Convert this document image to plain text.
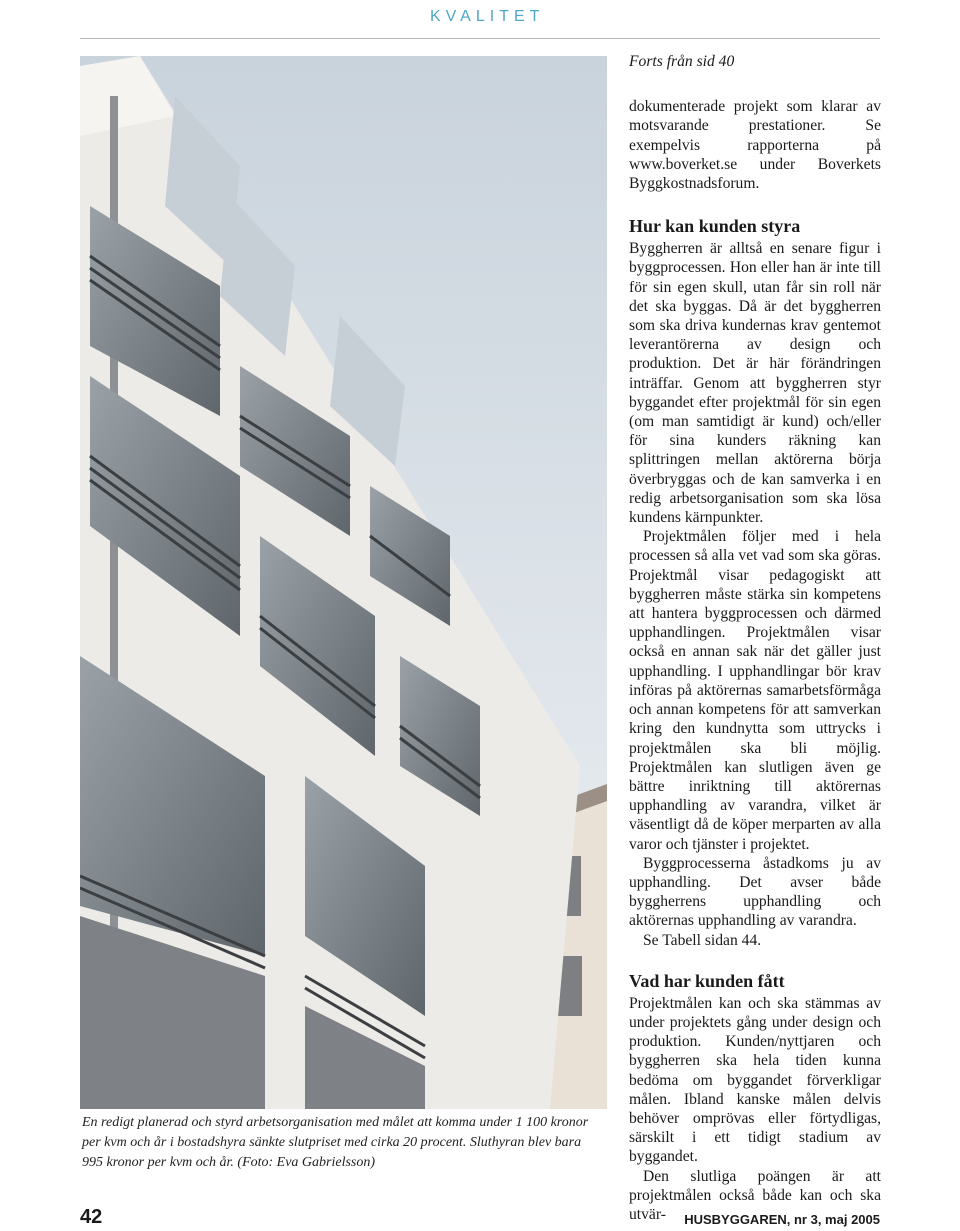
KVALITET
En redigt planerad och styrd arbetsorganisation med målet att komma under 1 100 kronor per kvm och år i bostadshyra sänkte slutpriset med cirka 20 procent. Sluthyran blev bara 995 kronor per kvm och år. (Foto: Eva Gabrielsson)

Forts från sid 40

dokumenterade projekt som klarar av motsvarande prestationer. Se exempelvis rapporterna på www.boverket.se under Boverkets Byggkostnadsforum.

Hur kan kunden styra

Byggherren är alltså en senare figur i byggprocessen. Hon eller han är inte till för sin egen skull, utan får sin roll när det ska byggas. Då är det byggherren som ska driva kundernas krav gentemot leverantörerna av design och produktion. Det är här förändringen inträffar. Genom att byggherren styr byggandet efter projektmål för sin egen (om man samtidigt är kund) och/eller för sina kunders räkning kan splittringen mellan aktörerna börja överbryggas och de kan samverka i en redig arbetsorganisation som ska lösa kundens kärnpunkter.

Projektmålen följer med i hela processen så alla vet vad som ska göras. Projektmål visar pedagogiskt att byggherren måste stärka sin kompetens att hantera byggprocessen och därmed upphandlingen. Projektmålen visar också en annan sak när det gäller just upphandling. I upphandlingar bör krav införas på aktörernas samarbetsförmåga och annan kompetens för att samverkan kring den kundnytta som uttrycks i projektmålen ska bli möjlig. Projektmålen kan slutligen även ge bättre inriktning till aktörernas upphandling av varandra, vilket är väsentligt då de köper merparten av alla varor och tjänster i projektet.

Byggprocesserna åstadkoms ju av upphandling. Det avser både byggherrens upphandling och aktörernas upphandling av varandra.

Se Tabell sidan 44.

Vad har kunden fått

Projektmålen kan och ska stämmas av under projektets gång under design och produktion. Kunden/nyttjaren och byggherren ska hela tiden kunna bedöma om byggandet förverkligar målen. Ibland kanske målen delvis behöver omprövas eller förtydligas, särskilt i ett tidigt stadium av byggandet.

Den slutliga poängen är att projektmålen också både kan och ska utvär-

42	HUSBYGGAREN, nr 3, maj 2005
